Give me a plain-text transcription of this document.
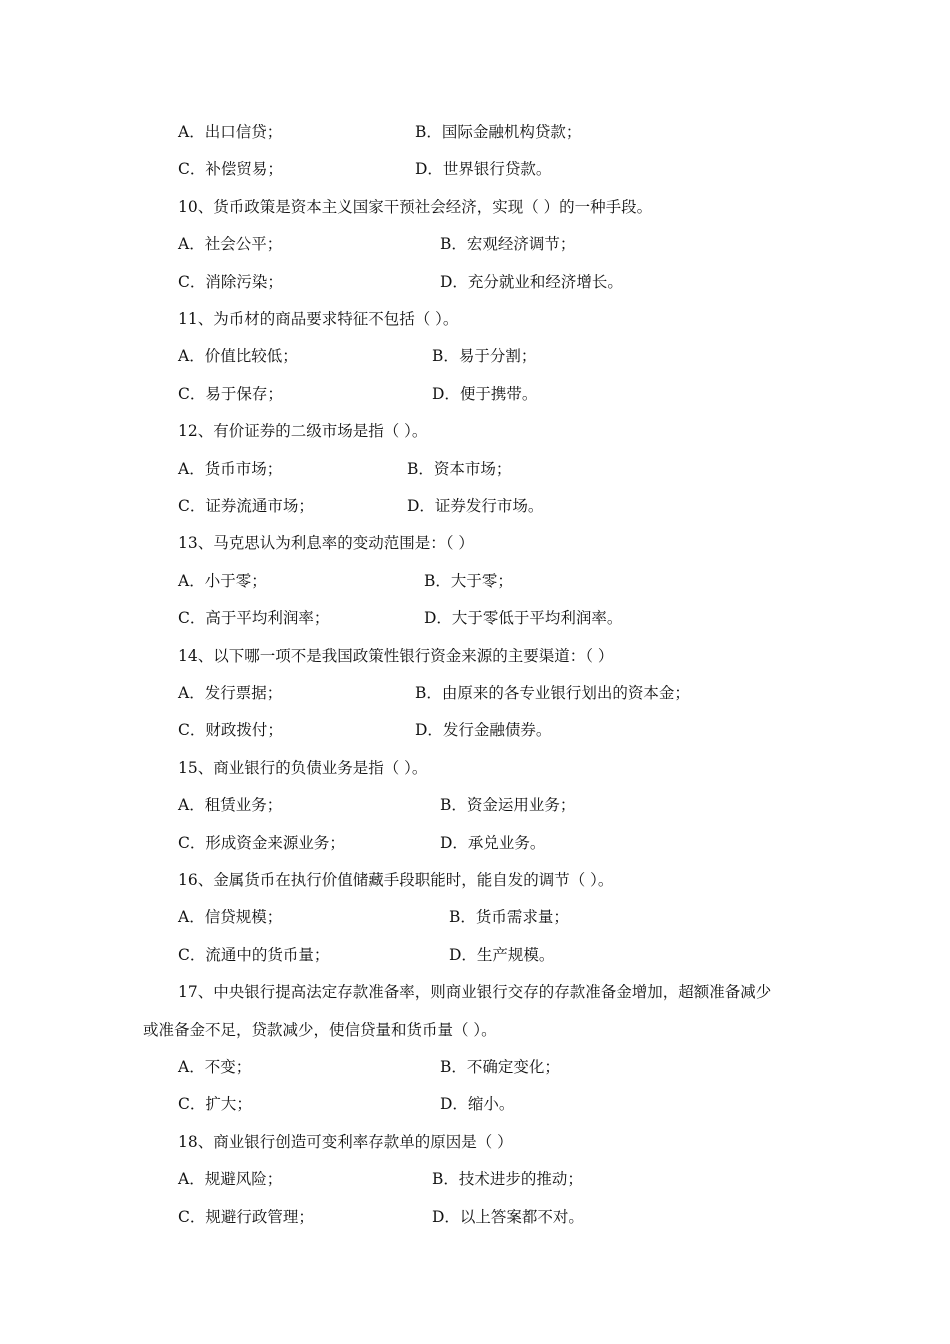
A．出口信贷；	B．国际金融机构贷款；
C．补偿贸易；	D．世界银行贷款。
10、货币政策是资本主义国家干预社会经济，实现（ ）的一种手段。
A．社会公平；	B．宏观经济调节；
C．消除污染；	D．充分就业和经济增长。
11、为币材的商品要求特征不包括（ ）。
A．价值比较低；	B．易于分割；
C．易于保存；	D．便于携带。
12、有价证券的二级市场是指（ ）。
A．货币市场；	B．资本市场；
C．证券流通市场；	D．证券发行市场。
13、马克思认为利息率的变动范围是：（ ）
A．小于零；	B．大于零；
C．高于平均利润率；	D．大于零低于平均利润率。
14、以下哪一项不是我国政策性银行资金来源的主要渠道：（ ）
A．发行票据；	B．由原来的各专业银行划出的资本金；
C．财政拨付；	D．发行金融债券。
15、商业银行的负债业务是指（ ）。
A．租赁业务；	B．资金运用业务；
C．形成资金来源业务；	D．承兑业务。
16、金属货币在执行价值储藏手段职能时，能自发的调节（ ）。
A．信贷规模；	B．货币需求量；
C．流通中的货币量；	D．生产规模。
17、中央银行提高法定存款准备率，则商业银行交存的存款准备金增加，超额准备减少
或准备金不足，贷款减少，使信贷量和货币量（ ）。
A．不变；	B．不确定变化；
C．扩大；	D．缩小。
18、商业银行创造可变利率存款单的原因是（ ）
A．规避风险；	B．技术进步的推动；
C．规避行政管理；	D．以上答案都不对。
